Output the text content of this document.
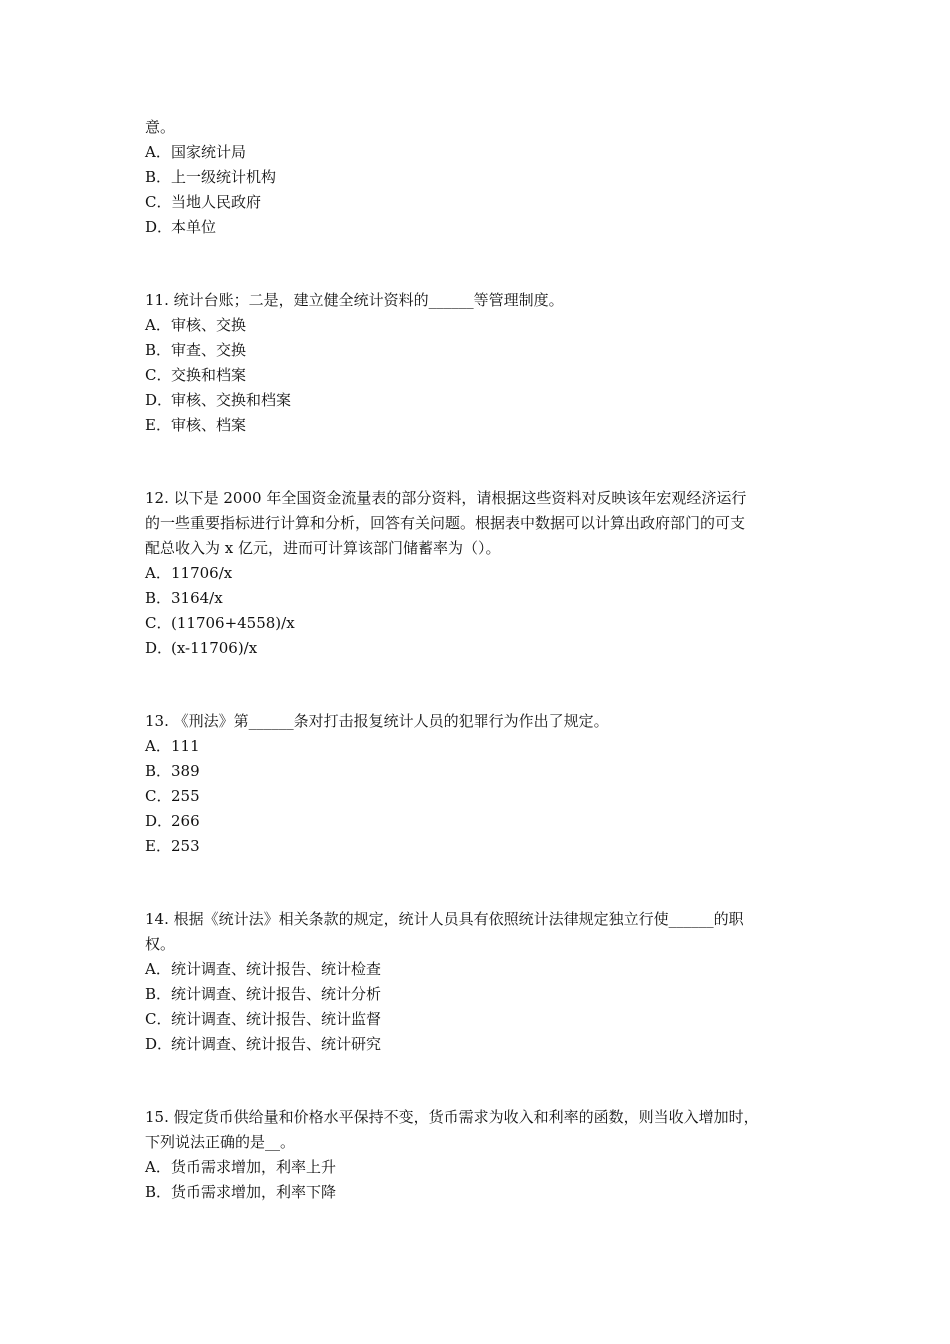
意。
A．国家统计局
B．上一级统计机构
C．当地人民政府
D．本单位
11. 统计台账；二是，建立健全统计资料的______等管理制度。
A．审核、交换
B．审查、交换
C．交换和档案
D．审核、交换和档案
E．审核、档案
12. 以下是 2000 年全国资金流量表的部分资料，请根据这些资料对反映该年宏观经济运行
的一些重要指标进行计算和分析，回答有关问题。根据表中数据可以计算出政府部门的可支
配总收入为 x 亿元，进而可计算该部门储蓄率为（）。
A．11706/x
B．3164/x
C．(11706+4558)/x
D．(x-11706)/x
13. 《刑法》第______条对打击报复统计人员的犯罪行为作出了规定。
A．111
B．389
C．255
D．266
E．253
14. 根据《统计法》相关条款的规定，统计人员具有依照统计法律规定独立行使______的职
权。
A．统计调查、统计报告、统计检查
B．统计调查、统计报告、统计分析
C．统计调查、统计报告、统计监督
D．统计调查、统计报告、统计研究
15. 假定货币供给量和价格水平保持不变，货币需求为收入和利率的函数，则当收入增加时，
下列说法正确的是__。
A．货币需求增加，利率上升
B．货币需求增加，利率下降
